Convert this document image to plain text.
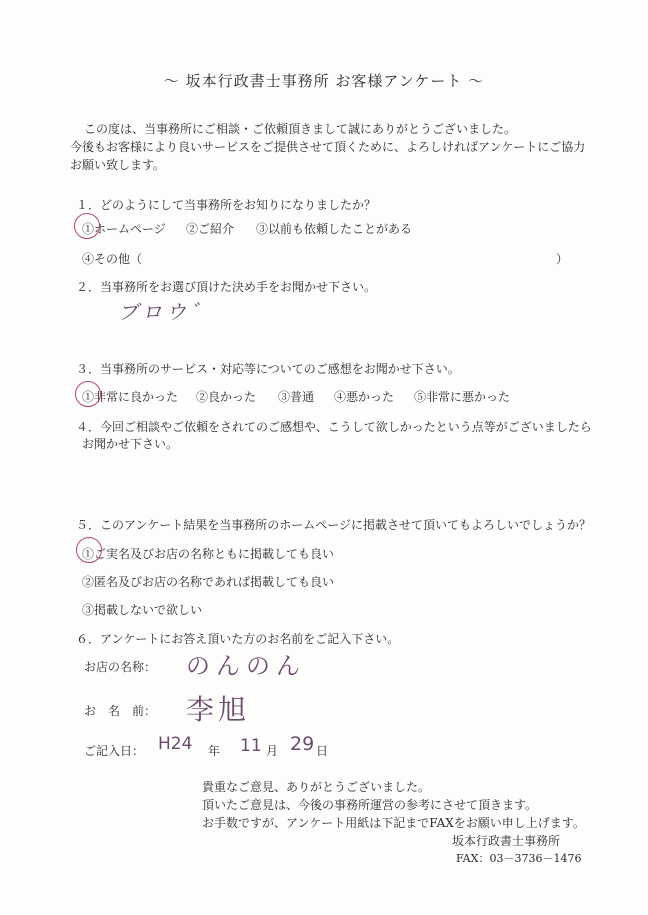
〜 坂本行政書士事務所 お客様アンケート 〜
この度は、当事務所にご相談・ご依頼頂きまして誠にありがとうございました。
今後もお客様により良いサービスをご提供させて頂くために、よろしければアンケートにご協力
お願い致します。
１．どのようにして当事務所をお知りになりましたか？
①ホームページ ②ご紹介 ③以前も依頼したことがある
④その他（	）
２．当事務所をお選び頂けた決め手をお聞かせ下さい。
ブロウ゛
３．当事務所のサービス・対応等についてのご感想をお聞かせ下さい。
①非常に良かった ②良かった ③普通 ④悪かった ⑤非常に悪かった
４．今回ご相談やご依頼をされてのご感想や、こうして欲しかったという点等がございましたら
お聞かせ下さい。
５．このアンケート結果を当事務所のホームページに掲載させて頂いてもよろしいでしょうか？
①ご実名及びお店の名称ともに掲載しても良い
②匿名及びお店の名称であれば掲載しても良い
③掲載しないで欲しい
６．アンケートにお答え頂いた方のお名前をご記入下さい。
お店の名称： のんのん
お　名　前： 李旭
ご記入日： H24 年 11 月 29 日
貴重なご意見、ありがとうございました。
頂いたご意見は、今後の事務所運営の参考にさせて頂きます。
お手数ですが、アンケート用紙は下記までFAXをお願い申し上げます。
坂本行政書士事務所
FAX：03－3736－1476
